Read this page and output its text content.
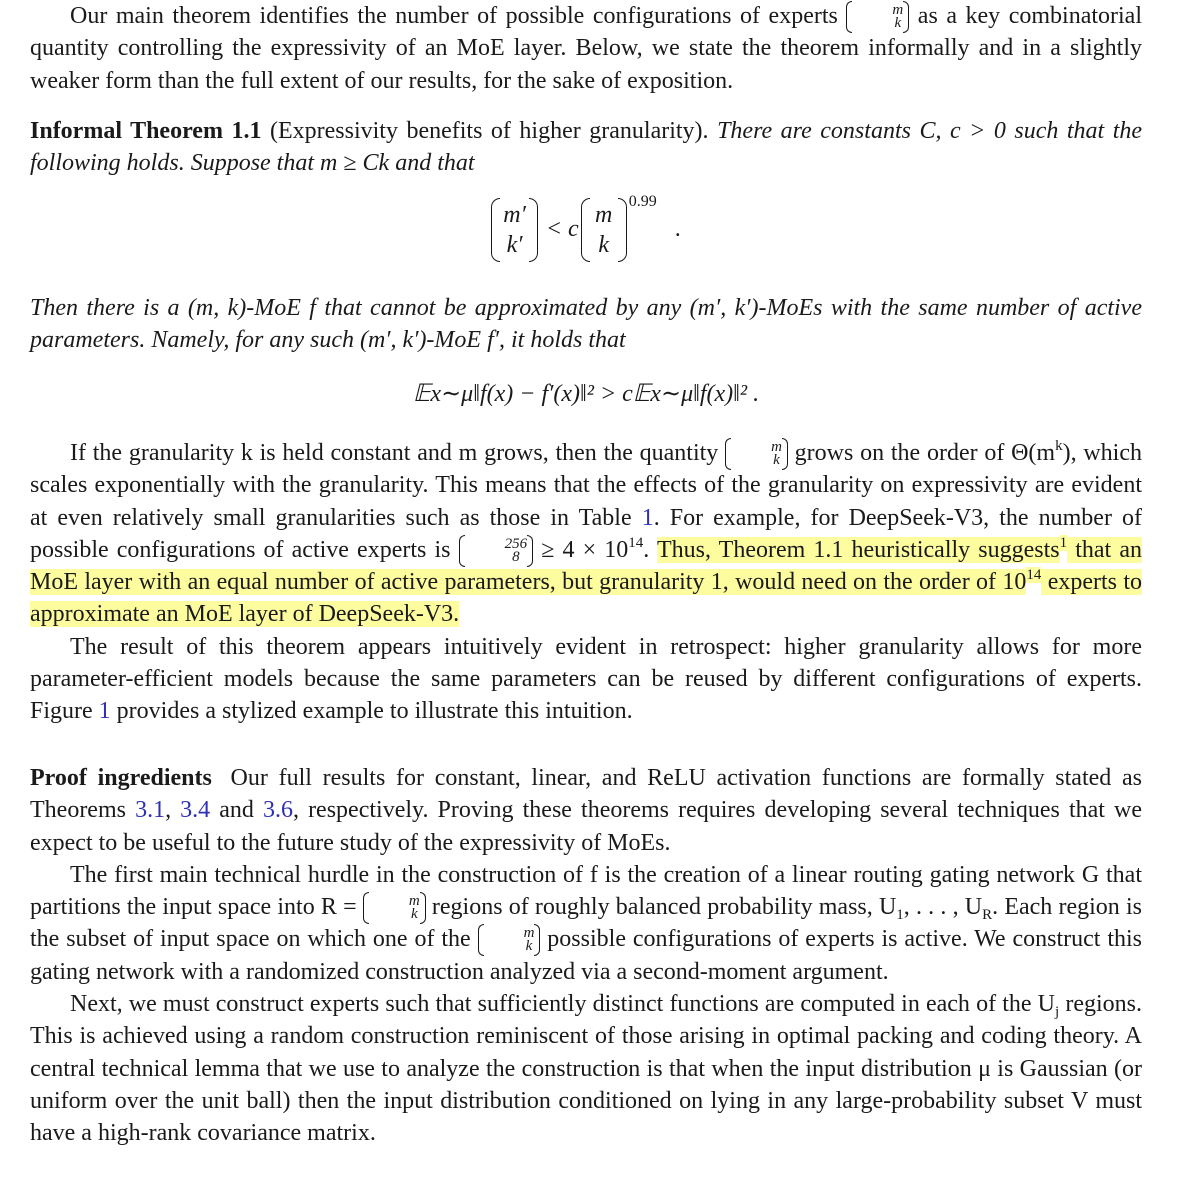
Our main theorem identifies the number of possible configurations of experts	m
k as a key combinatorial quantity controlling the expressivity of an MoE layer. Below, we state the theorem informally and in a slightly weaker form than the full extent of our results, for the sake of exposition.

Informal Theorem 1.1 (Expressivity benefits of higher granularity). There are constants C, c > 0 such that the following holds. Suppose that m ≥ Ck and that

m′
k′
< c
m
k
$^{0.99}$ .

Then there is a (m, k)-MoE f that cannot be approximated by any (m′, k′)-MoEs with the same number of active parameters. Namely, for any such (m′, k′)-MoE f′, it holds that

𝔼x∼μ‖f(x) − f′(x)‖² > c𝔼x∼μ‖f(x)‖² .

If the granularity k is held constant and m grows, then the quantity	m
k grows on the order of $\Theta(m^k)$, which scales exponentially with the granularity. This means that the effects of the granularity on expressivity are evident at even relatively small granularities such as those in Table 1. For example, for DeepSeek-V3, the number of possible configurations of active experts is	256
$8 \ge 4 \times 10^{14}$. Thus, Theorem 1.1 heuristically suggests$^1$ that an MoE layer with an equal number of active parameters, but granularity 1, would need on the order of $10^{14}$ experts to approximate an MoE layer of DeepSeek-V3.

The result of this theorem appears intuitively evident in retrospect: higher granularity allows for more parameter-efficient models because the same parameters can be reused by different configurations of experts. Figure 1 provides a stylized example to illustrate this intuition.

Proof ingredients Our full results for constant, linear, and ReLU activation functions are formally stated as Theorems 3.1, 3.4 and 3.6, respectively. Proving these theorems requires developing several techniques that we expect to be useful to the future study of the expressivity of MoEs.

The first main technical hurdle in the construction of f is the creation of a linear routing gating network G that partitions the input space into R =	m
k regions of roughly balanced probability mass, $U_1$, . . . , $U_R$. Each region is the subset of input space on which one of the	m
k possible configurations of experts is active. We construct this gating network with a randomized construction analyzed via a second-moment argument.

Next, we must construct experts such that sufficiently distinct functions are computed in each of the $U_j$ regions. This is achieved using a random construction reminiscent of those arising in optimal packing and coding theory. A central technical lemma that we use to analyze the construction is that when the input distribution μ is Gaussian (or uniform over the unit ball) then the input distribution conditioned on lying in any large-probability subset V must have a high-rank covariance matrix.
